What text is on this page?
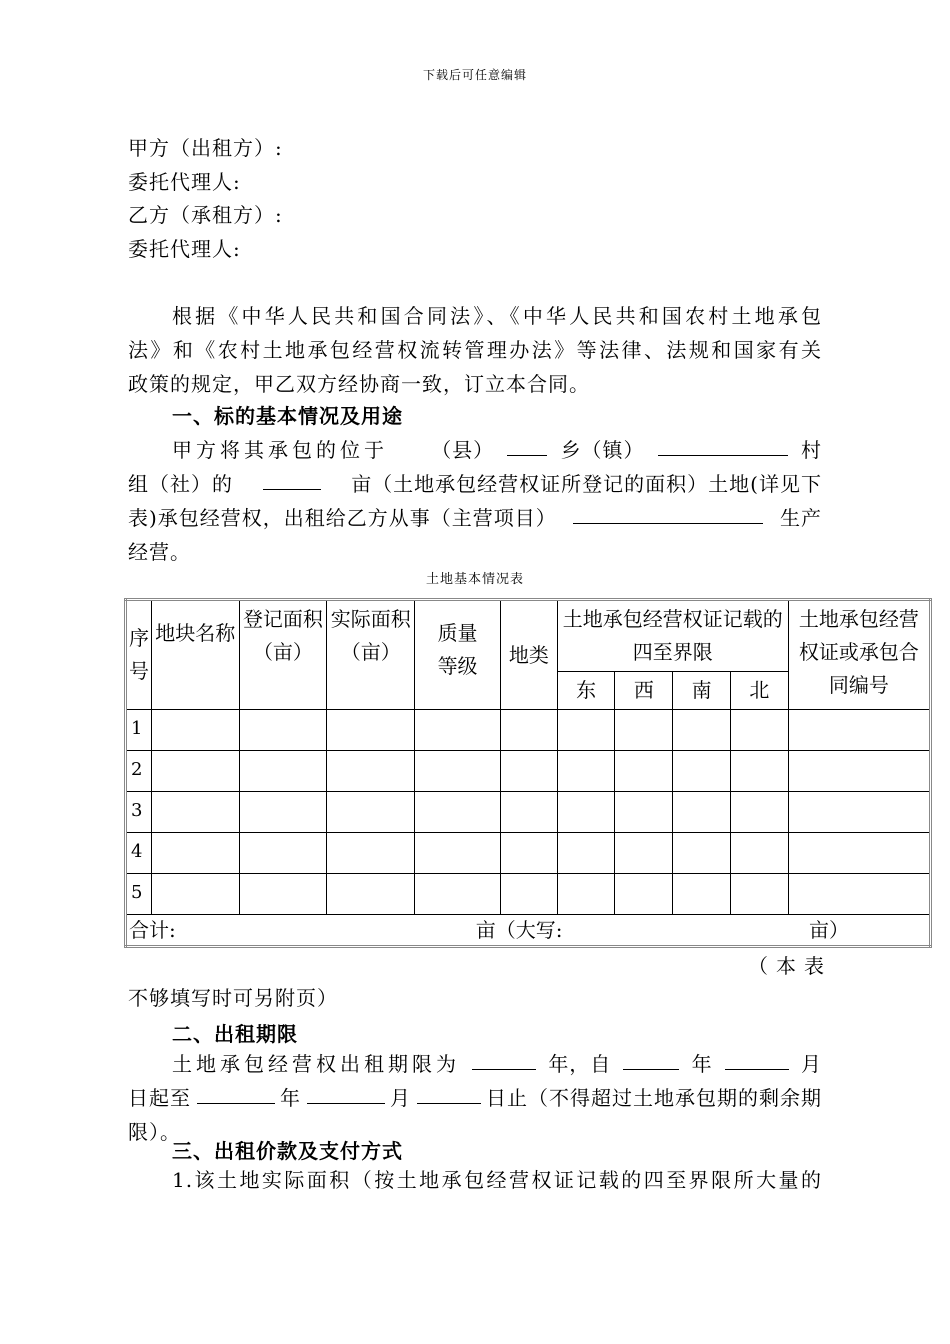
下载后可任意编辑
甲方（出租方）:
委托代理人:
乙方（承租方）:
委托代理人:
根据《中华人民共和国合同法》、《中华人民共和国农村土地承包
法》和《农村土地承包经营权流转管理办法》等法律、法规和国家有关
政策的规定，甲乙双方经协商一致，订立本合同。
一、标的基本情况及用途
甲方将其承包的位于 （县）	乡（镇）	村
组（社）的	亩（土地承包经营权证所登记的面积）土地(详见下
表)承包经营权，出租给乙方从事（主营项目）	生产
经营。
土地基本情况表
序号	地块名称	登记面积（亩）	实际面积（亩）	质量等级	地类	土地承包经营权证记载的四至界限				土地承包经营权证或承包合同编号
						东	西	南	北	
1										
2										
3										
4										
5										

合计: 亩（大写: 亩）										
（本表
不够填写时可另附页）
二、出租期限
土地承包经营权出租期限为	年，自	年	月
日起至	年	月	日止（不得超过土地承包期的剩余期
限）。
三、出租价款及支付方式
1.该土地实际面积（按土地承包经营权证记载的四至界限所大量的
